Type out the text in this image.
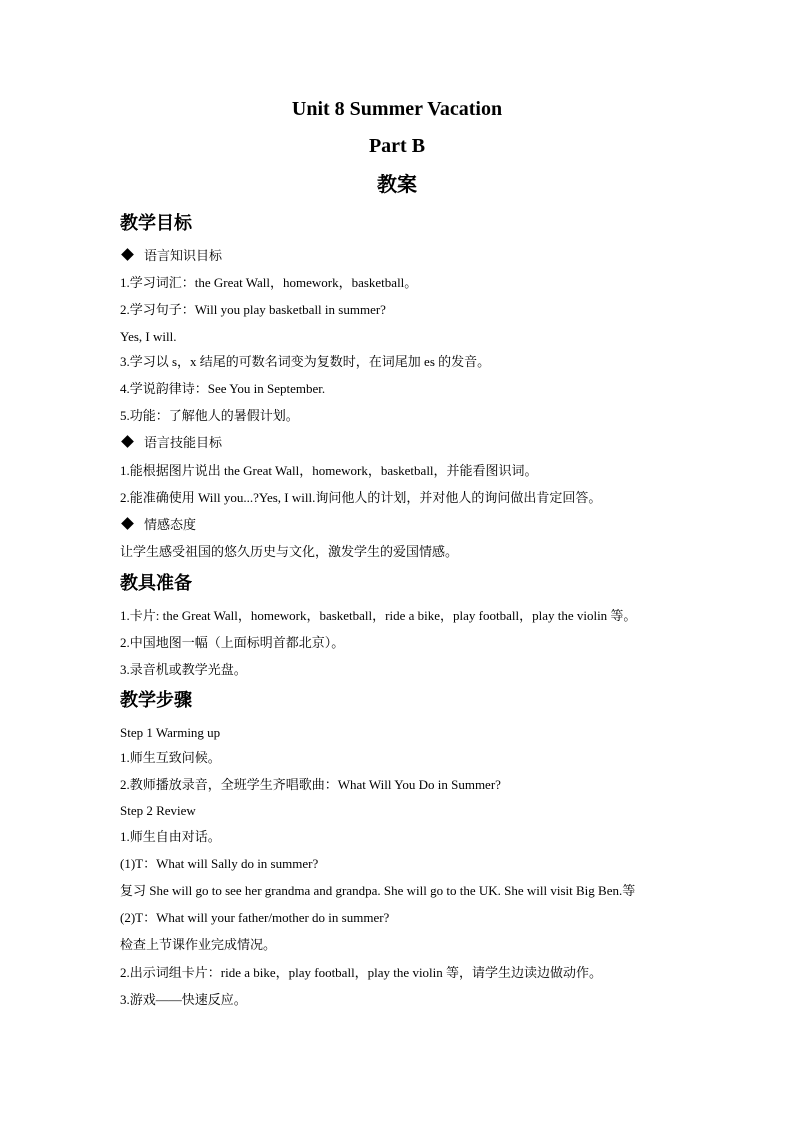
Unit 8 Summer Vacation
Part B
教案
教学目标
语言知识目标
1.学习词汇：the Great Wall，homework，basketball。
2.学习句子：Will you play basketball in summer?
Yes, I will.
3.学习以 s，x 结尾的可数名词变为复数时，在词尾加 es 的发音。
4.学说韵律诗：See You in September.
5.功能：了解他人的暑假计划。
语言技能目标
1.能根据图片说出 the Great Wall，homework，basketball，并能看图识词。
2.能准确使用 Will you...?Yes, I will.询问他人的计划，并对他人的询问做出肯定回答。
情感态度
让学生感受祖国的悠久历史与文化，激发学生的爱国情感。
教具准备
1.卡片: the Great Wall，homework，basketball，ride a bike，play football，play the violin 等。
2.中国地图一幅（上面标明首都北京）。
3.录音机或教学光盘。
教学步骤
Step 1 Warming up
1.师生互致问候。
2.教师播放录音，全班学生齐唱歌曲：What Will You Do in Summer?
Step 2 Review
1.师生自由对话。
(1)T：What will Sally do in summer?
复习 She will go to see her grandma and grandpa. She will go to the UK. She will visit Big Ben.等
(2)T：What will your father/mother do in summer?
检查上节课作业完成情况。
2.出示词组卡片：ride a bike，play football，play the violin 等，请学生边读边做动作。
3.游戏——快速反应。
